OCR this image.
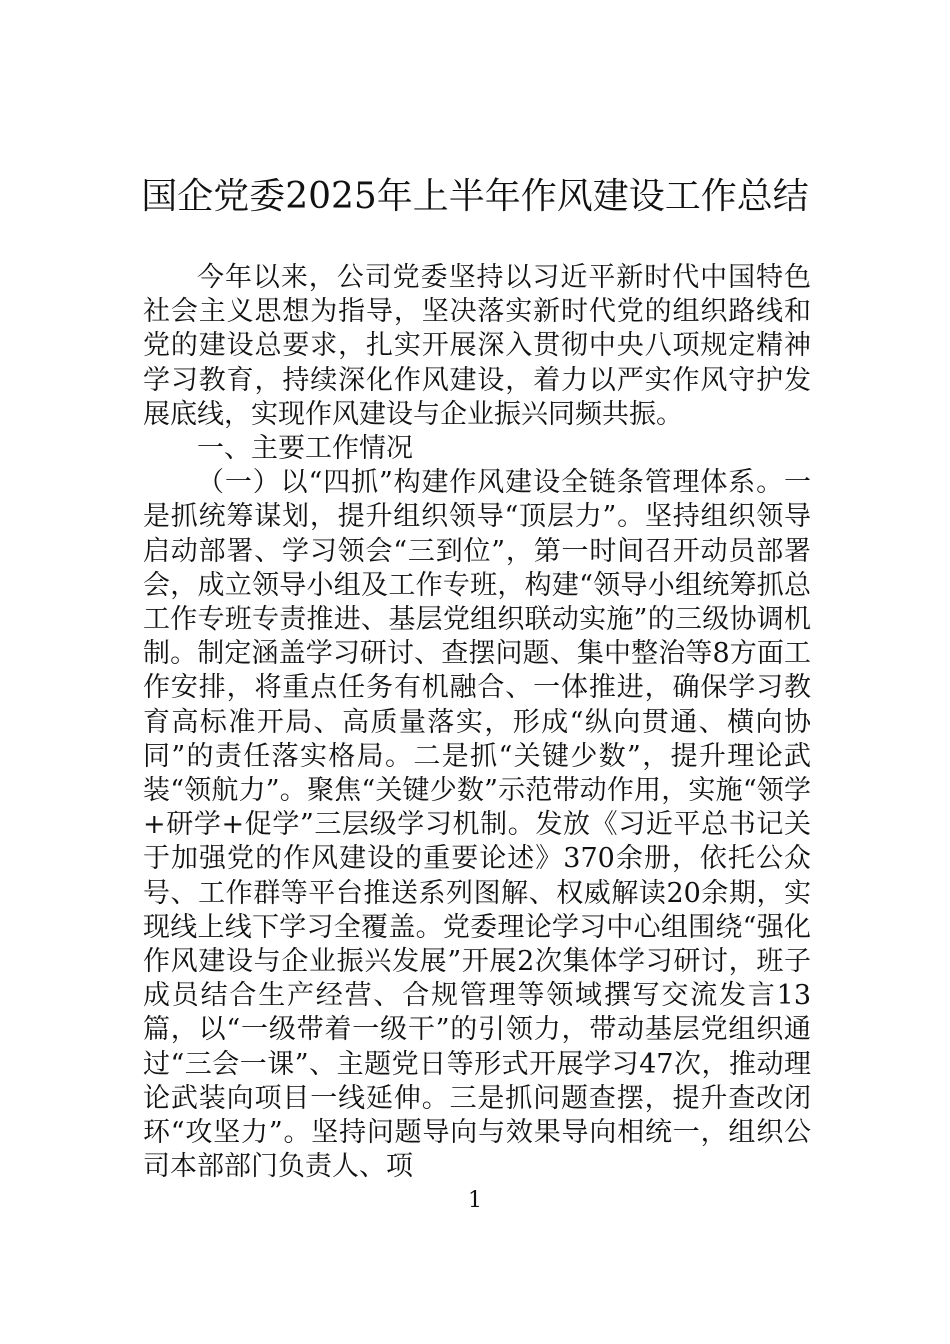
国企党委2025年上半年作风建设工作总结

今年以来，公司党委坚持以习近平新时代中国特色社会主义思想为指导，坚决落实新时代党的组织路线和党的建设总要求，扎实开展深入贯彻中央八项规定精神学习教育，持续深化作风建设，着力以严实作风守护发展底线，实现作风建设与企业振兴同频共振。

一、主要工作情况

（一）以“四抓”构建作风建设全链条管理体系。一是抓统筹谋划，提升组织领导“顶层力”。坚持组织领导启动部署、学习领会“三到位”，第一时间召开动员部署会，成立领导小组及工作专班，构建“领导小组统筹抓总工作专班专责推进、基层党组织联动实施”的三级协调机制。制定涵盖学习研讨、查摆问题、集中整治等8方面工作安排，将重点任务有机融合、一体推进，确保学习教育高标准开局、高质量落实，形成“纵向贯通、横向协同”的责任落实格局。二是抓“关键少数”，提升理论武装“领航力”。聚焦“关键少数”示范带动作用，实施“领学+研学+促学”三层级学习机制。发放《习近平总书记关于加强党的作风建设的重要论述》370余册，依托公众号、工作群等平台推送系列图解、权威解读20余期，实现线上线下学习全覆盖。党委理论学习中心组围绕“强化作风建设与企业振兴发展”开展2次集体学习研讨，班子成员结合生产经营、合规管理等领域撰写交流发言13篇，以“一级带着一级干”的引领力，带动基层党组织通过“三会一课”、主题党日等形式开展学习47次，推动理论武装向项目一线延伸。三是抓问题查摆，提升查改闭环“攻坚力”。坚持问题导向与效果导向相统一，组织公司本部部门负责人、项

1
